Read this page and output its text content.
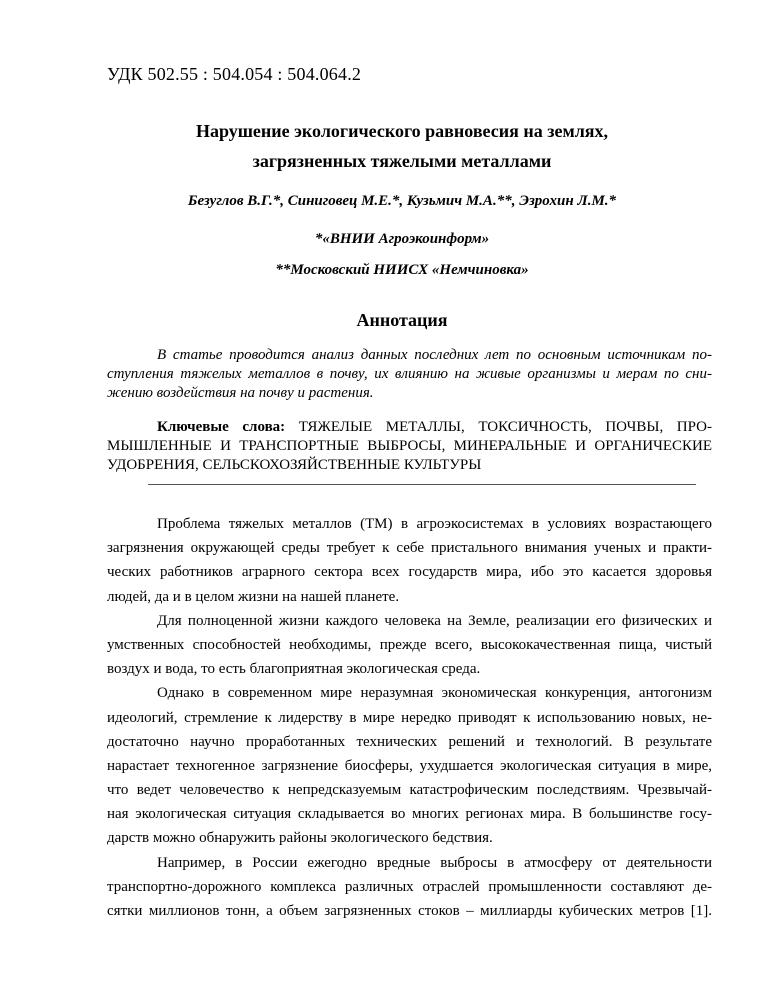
УДК 502.55 : 504.054 : 504.064.2
Нарушение экологического равновесия на землях,
загрязненных тяжелыми металлами
Безуглов В.Г.*, Синиговец М.Е.*, Кузьмич М.А.**, Эзрохин Л.М.*
*«ВНИИ Агроэкоинформ»
**Московский НИИСХ «Немчиновка»
Аннотация
В статье проводится анализ данных последних лет по основным источникам по-
ступления тяжелых металлов в почву, их влиянию на живые организмы и мерам по сни-
жению воздействия на почву и растения.
Ключевые слова: ТЯЖЕЛЫЕ МЕТАЛЛЫ, ТОКСИЧНОСТЬ, ПОЧВЫ, ПРО-
МЫШЛЕННЫЕ И ТРАНСПОРТНЫЕ ВЫБРОСЫ, МИНЕРАЛЬНЫЕ И ОРГАНИЧЕСКИЕ
УДОБРЕНИЯ, СЕЛЬСКОХОЗЯЙСТВЕННЫЕ КУЛЬТУРЫ
Проблема тяжелых металлов (ТМ) в агроэкосистемах в условиях возрастающего
загрязнения окружающей среды требует к себе пристального внимания ученых и практи-
ческих работников аграрного сектора всех государств мира, ибо это касается здоровья
людей, да и в целом жизни на нашей планете.
Для полноценной жизни каждого человека на Земле, реализации его физических и
умственных способностей необходимы, прежде всего, высококачественная пища, чистый
воздух и вода, то есть благоприятная экологическая среда.
Однако в современном мире неразумная экономическая конкуренция, антогонизм
идеологий, стремление к лидерству в мире нередко приводят к использованию новых, не-
достаточно научно проработанных технических решений и технологий. В результате
нарастает техногенное загрязнение биосферы, ухудшается экологическая ситуация в мире,
что ведет человечество к непредсказуемым катастрофическим последствиям. Чрезвычай-
ная экологическая ситуация складывается во многих регионах мира. В большинстве госу-
дарств можно обнаружить районы экологического бедствия.
Например, в России ежегодно вредные выбросы в атмосферу от деятельности
транспортно-дорожного комплекса различных отраслей промышленности составляют де-
сятки миллионов тонн, а объем загрязненных стоков – миллиарды кубических метров [1].
